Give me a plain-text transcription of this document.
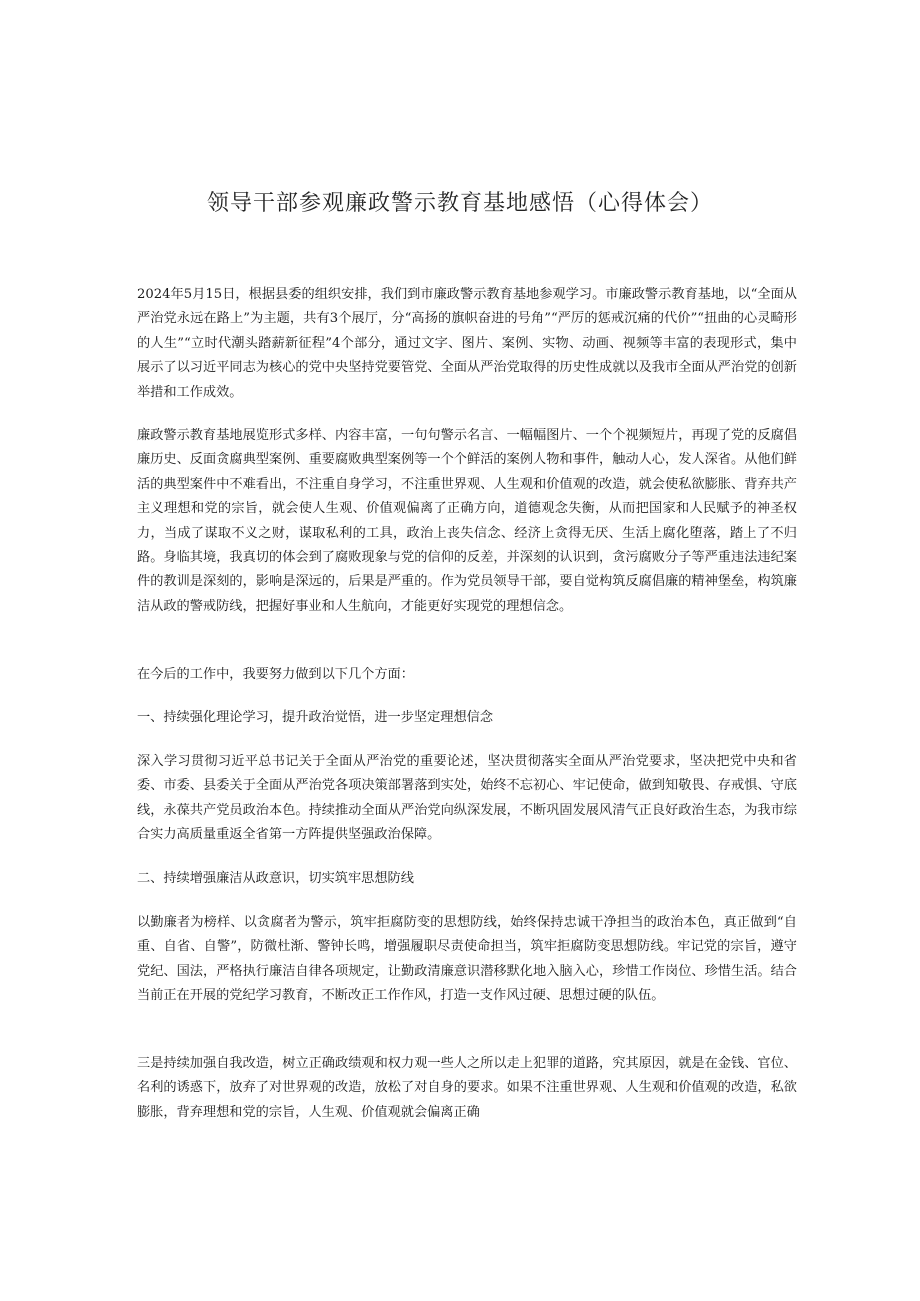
领导干部参观廉政警示教育基地感悟（心得体会）

2024年5月15日，根据县委的组织安排，我们到市廉政警示教育基地参观学习。市廉政警示教育基地，以“全面从严治党永远在路上”为主题，共有3个展厅，分“高扬的旗帜奋进的号角”“严厉的惩戒沉痛的代价”“扭曲的心灵畸形的人生”“立时代潮头踏薪新征程”4个部分，通过文字、图片、案例、实物、动画、视频等丰富的表现形式，集中展示了以习近平同志为核心的党中央坚持党要管党、全面从严治党取得的历史性成就以及我市全面从严治党的创新举措和工作成效。

廉政警示教育基地展览形式多样、内容丰富，一句句警示名言、一幅幅图片、一个个视频短片，再现了党的反腐倡廉历史、反面贪腐典型案例、重要腐败典型案例等一个个鲜活的案例人物和事件，触动人心，发人深省。从他们鲜活的典型案件中不难看出，不注重自身学习，不注重世界观、人生观和价值观的改造，就会使私欲膨胀、背弃共产主义理想和党的宗旨，就会使人生观、价值观偏离了正确方向，道德观念失衡，从而把国家和人民赋予的神圣权力，当成了谋取不义之财，谋取私利的工具，政治上丧失信念、经济上贪得无厌、生活上腐化堕落，踏上了不归路。身临其境，我真切的体会到了腐败现象与党的信仰的反差，并深刻的认识到，贪污腐败分子等严重违法违纪案件的教训是深刻的，影响是深远的，后果是严重的。作为党员领导干部，要自觉构筑反腐倡廉的精神堡垒，构筑廉洁从政的警戒防线，把握好事业和人生航向，才能更好实现党的理想信念。

在今后的工作中，我要努力做到以下几个方面：

一、持续强化理论学习，提升政治觉悟，进一步坚定理想信念

深入学习贯彻习近平总书记关于全面从严治党的重要论述，坚决贯彻落实全面从严治党要求，坚决把党中央和省委、市委、县委关于全面从严治党各项决策部署落到实处，始终不忘初心、牢记使命，做到知敬畏、存戒惧、守底线，永葆共产党员政治本色。持续推动全面从严治党向纵深发展，不断巩固发展风清气正良好政治生态，为我市综合实力高质量重返全省第一方阵提供坚强政治保障。

二、持续增强廉洁从政意识，切实筑牢思想防线

以勤廉者为榜样、以贪腐者为警示，筑牢拒腐防变的思想防线，始终保持忠诚干净担当的政治本色，真正做到“自重、自省、自警”，防微杜渐、警钟长鸣，增强履职尽责使命担当，筑牢拒腐防变思想防线。牢记党的宗旨，遵守党纪、国法，严格执行廉洁自律各项规定，让勤政清廉意识潜移默化地入脑入心，珍惜工作岗位、珍惜生活。结合当前正在开展的党纪学习教育，不断改正工作作风，打造一支作风过硬、思想过硬的队伍。

三是持续加强自我改造，树立正确政绩观和权力观一些人之所以走上犯罪的道路，究其原因，就是在金钱、官位、名利的诱惑下，放弃了对世界观的改造，放松了对自身的要求。如果不注重世界观、人生观和价值观的改造，私欲膨胀，背弃理想和党的宗旨，人生观、价值观就会偏离正确
